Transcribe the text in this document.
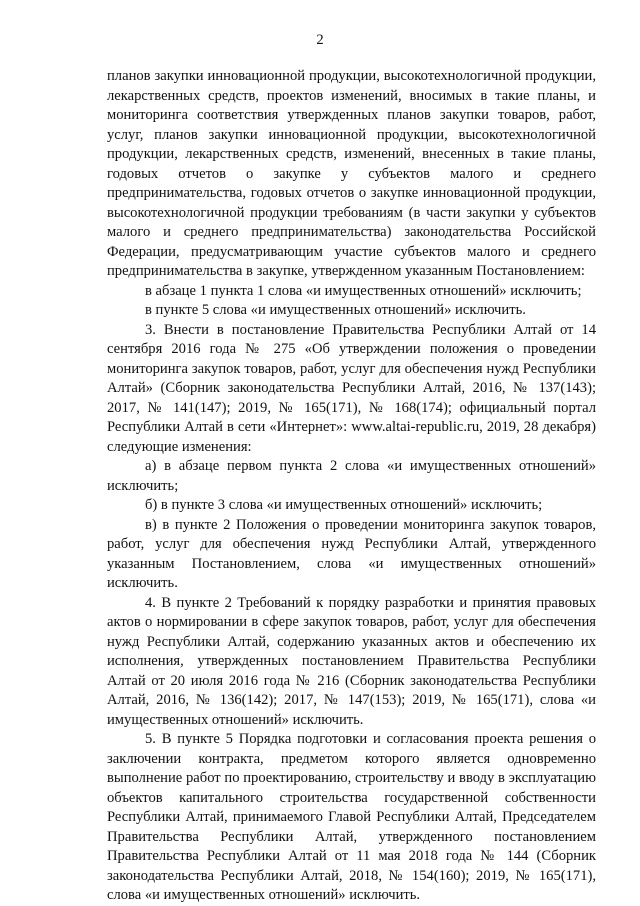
2

планов закупки инновационной продукции, высокотехнологичной продукции, лекарственных средств, проектов изменений, вносимых в такие планы, и мониторинга соответствия утвержденных планов закупки товаров, работ, услуг, планов закупки инновационной продукции, высокотехнологичной продукции, лекарственных средств, изменений, внесенных в такие планы, годовых отчетов о закупке у субъектов малого и среднего предпринимательства, годовых отчетов о закупке инновационной продукции, высокотехнологичной продукции требованиям (в части закупки у субъектов малого и среднего предпринимательства) законодательства Российской Федерации, предусматривающим участие субъектов малого и среднего предпринимательства в закупке, утвержденном указанным Постановлением:

в абзаце 1 пункта 1 слова «и имущественных отношений» исключить;

в пункте 5 слова «и имущественных отношений» исключить.

3. Внести в постановление Правительства Республики Алтай от 14 сентября 2016 года № 275 «Об утверждении положения о проведении мониторинга закупок товаров, работ, услуг для обеспечения нужд Республики Алтай» (Сборник законодательства Республики Алтай, 2016, № 137(143); 2017, № 141(147); 2019, № 165(171), № 168(174); официальный портал Республики Алтай в сети «Интернет»: www.altai-republic.ru, 2019, 28 декабря) следующие изменения:

а) в абзаце первом пункта 2 слова «и имущественных отношений» исключить;

б) в пункте 3 слова «и имущественных отношений» исключить;

в) в пункте 2 Положения о проведении мониторинга закупок товаров, работ, услуг для обеспечения нужд Республики Алтай, утвержденного указанным Постановлением, слова «и имущественных отношений» исключить.

4. В пункте 2 Требований к порядку разработки и принятия правовых актов о нормировании в сфере закупок товаров, работ, услуг для обеспечения нужд Республики Алтай, содержанию указанных актов и обеспечению их исполнения, утвержденных постановлением Правительства Республики Алтай от 20 июля 2016 года № 216 (Сборник законодательства Республики Алтай, 2016, № 136(142); 2017, № 147(153); 2019, № 165(171), слова «и имущественных отношений» исключить.

5. В пункте 5 Порядка подготовки и согласования проекта решения о заключении контракта, предметом которого является одновременно выполнение работ по проектированию, строительству и вводу в эксплуатацию объектов капитального строительства государственной собственности Республики Алтай, принимаемого Главой Республики Алтай, Председателем Правительства Республики Алтай, утвержденного постановлением Правительства Республики Алтай от 11 мая 2018 года № 144 (Сборник законодательства Республики Алтай, 2018, № 154(160); 2019, № 165(171), слова «и имущественных отношений» исключить.
